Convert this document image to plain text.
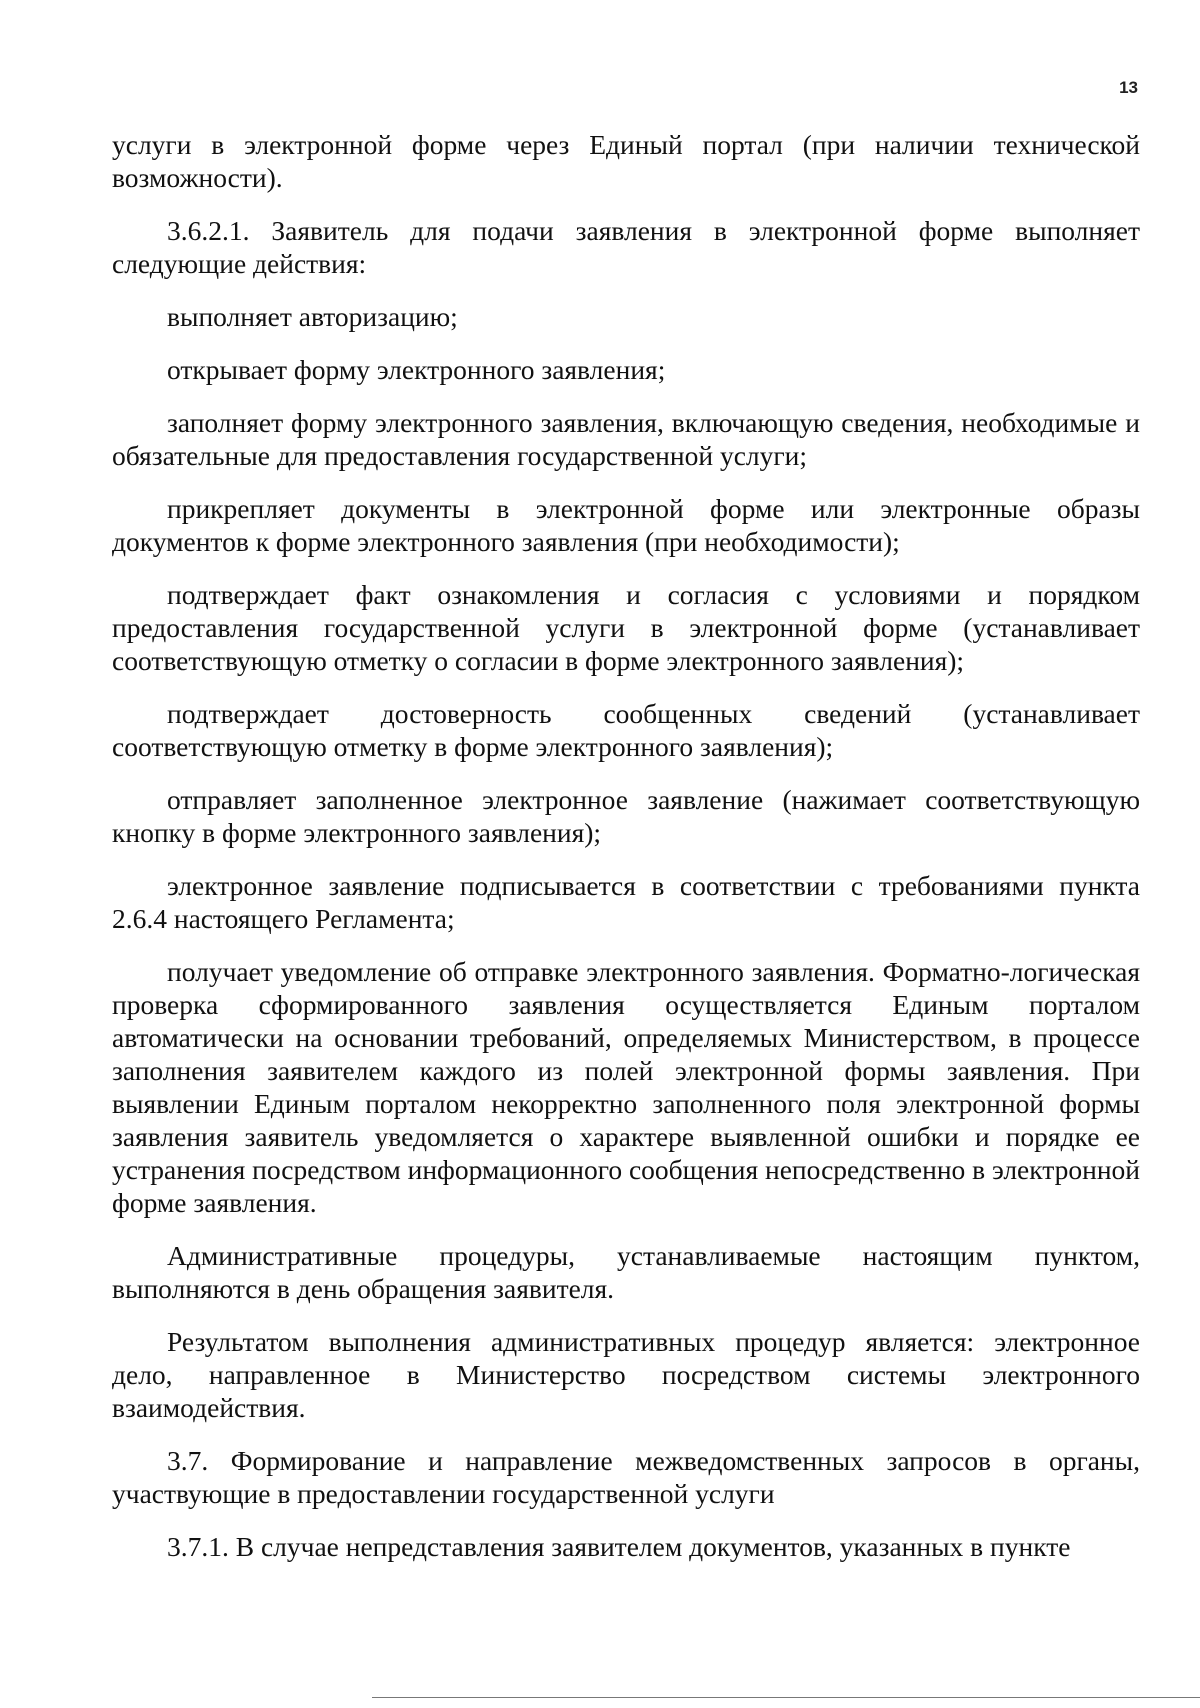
13

услуги в электронной форме через Единый портал (при наличии технической возможности).

3.6.2.1. Заявитель для подачи заявления в электронной форме выполняет следующие действия:

выполняет авторизацию;

открывает форму электронного заявления;

заполняет форму электронного заявления, включающую сведения, необходимые и обязательные для предоставления государственной услуги;

прикрепляет документы в электронной форме или электронные образы документов к форме электронного заявления (при необходимости);

подтверждает факт ознакомления и согласия с условиями и порядком предоставления государственной услуги в электронной форме (устанавливает соответствующую отметку о согласии в форме электронного заявления);

подтверждает достоверность сообщенных сведений (устанавливает соответствующую отметку в форме электронного заявления);

отправляет заполненное электронное заявление (нажимает соответствующую кнопку в форме электронного заявления);

электронное заявление подписывается в соответствии с требованиями пункта 2.6.4 настоящего Регламента;

получает уведомление об отправке электронного заявления. Форматно-логическая проверка сформированного заявления осуществляется Единым порталом автоматически на основании требований, определяемых Министерством, в процессе заполнения заявителем каждого из полей электронной формы заявления. При выявлении Единым порталом некорректно заполненного поля электронной формы заявления заявитель уведомляется о характере выявленной ошибки и порядке ее устранения посредством информационного сообщения непосредственно в электронной форме заявления.

Административные процедуры, устанавливаемые настоящим пунктом, выполняются в день обращения заявителя.

Результатом выполнения административных процедур является: электронное дело, направленное в Министерство посредством системы электронного взаимодействия.

3.7. Формирование и направление межведомственных запросов в органы, участвующие в предоставлении государственной услуги

3.7.1. В случае непредставления заявителем документов, указанных в пункте
